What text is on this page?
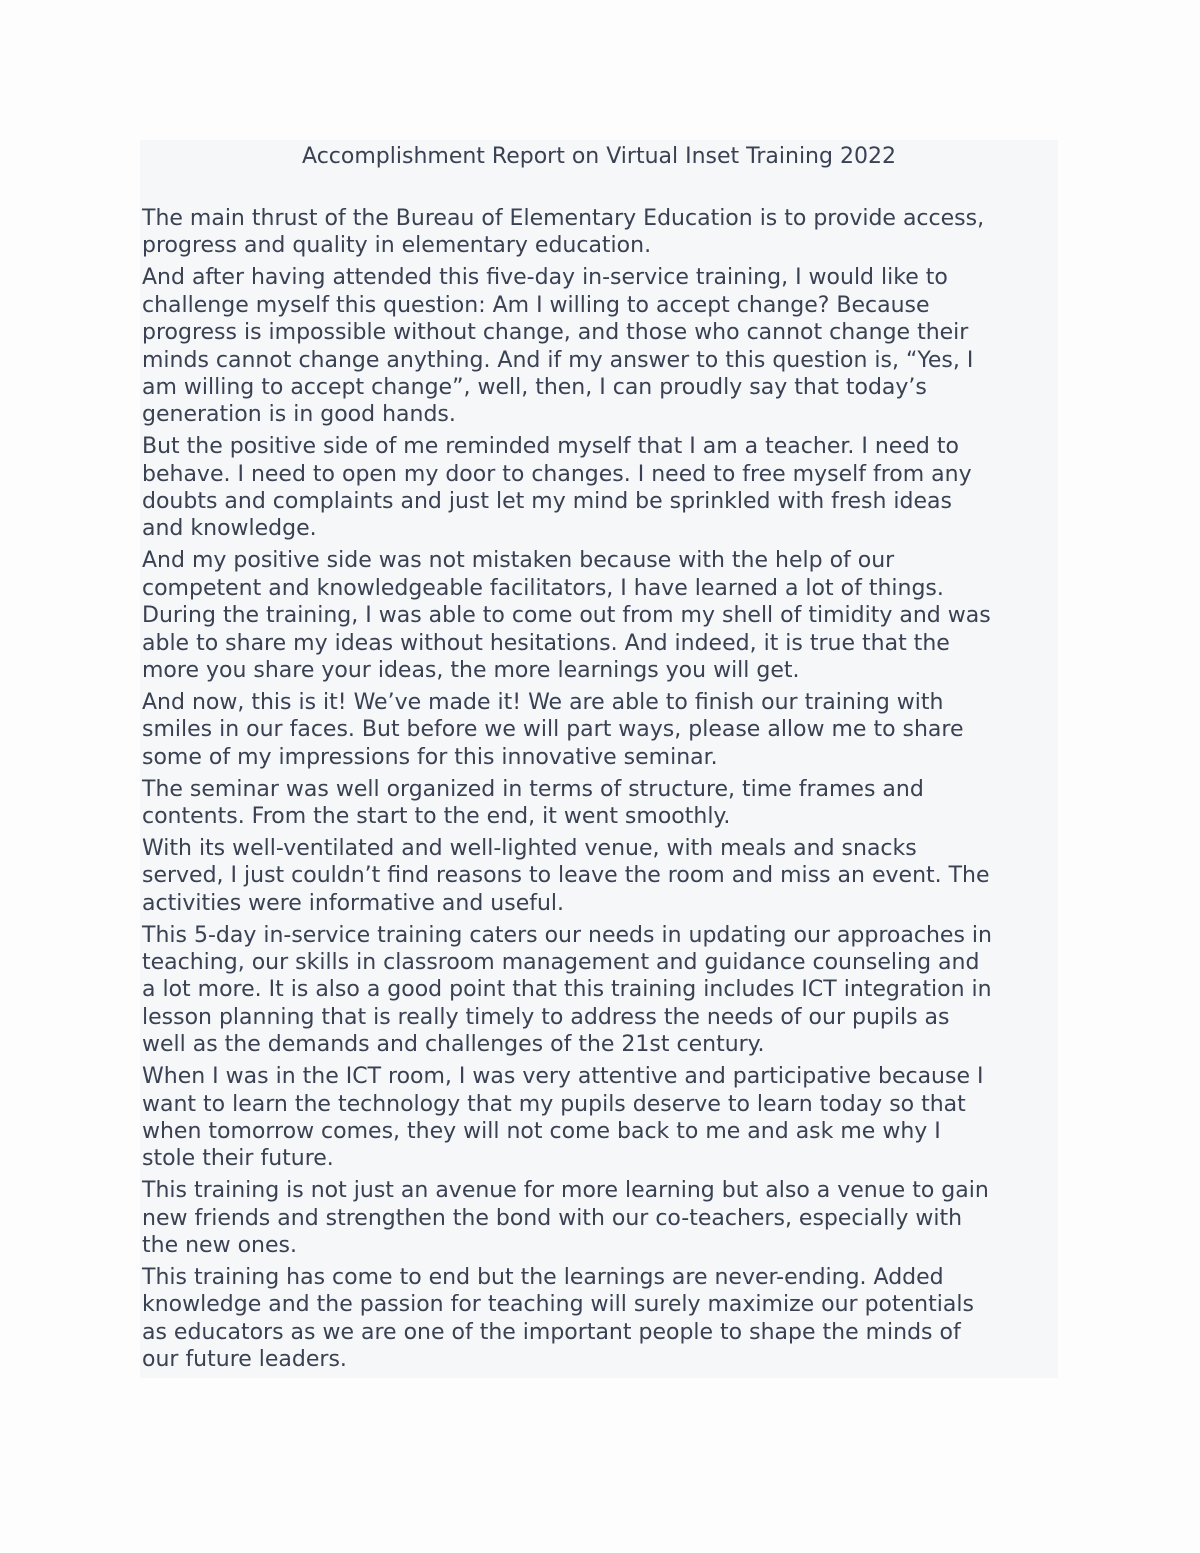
Accomplishment Report on Virtual Inset Training 2022

The main thrust of the Bureau of Elementary Education is to provide access,
progress and quality in elementary education.

And after having attended this five-day in-service training, I would like to
challenge myself this question: Am I willing to accept change? Because
progress is impossible without change, and those who cannot change their
minds cannot change anything. And if my answer to this question is, “Yes, I
am willing to accept change”, well, then, I can proudly say that today’s
generation is in good hands.

But the positive side of me reminded myself that I am a teacher. I need to
behave. I need to open my door to changes. I need to free myself from any
doubts and complaints and just let my mind be sprinkled with fresh ideas
and knowledge.

And my positive side was not mistaken because with the help of our
competent and knowledgeable facilitators, I have learned a lot of things.
During the training, I was able to come out from my shell of timidity and was
able to share my ideas without hesitations. And indeed, it is true that the
more you share your ideas, the more learnings you will get.

And now, this is it! We’ve made it! We are able to finish our training with
smiles in our faces. But before we will part ways, please allow me to share
some of my impressions for this innovative seminar.

The seminar was well organized in terms of structure, time frames and
contents. From the start to the end, it went smoothly.

With its well-ventilated and well-lighted venue, with meals and snacks
served, I just couldn’t find reasons to leave the room and miss an event. The
activities were informative and useful.

This 5-day in-service training caters our needs in updating our approaches in
teaching, our skills in classroom management and guidance counseling and
a lot more. It is also a good point that this training includes ICT integration in
lesson planning that is really timely to address the needs of our pupils as
well as the demands and challenges of the 21st century.

When I was in the ICT room, I was very attentive and participative because I
want to learn the technology that my pupils deserve to learn today so that
when tomorrow comes, they will not come back to me and ask me why I
stole their future.

This training is not just an avenue for more learning but also a venue to gain
new friends and strengthen the bond with our co-teachers, especially with
the new ones.

This training has come to end but the learnings are never-ending. Added
knowledge and the passion for teaching will surely maximize our potentials
as educators as we are one of the important people to shape the minds of
our future leaders.
